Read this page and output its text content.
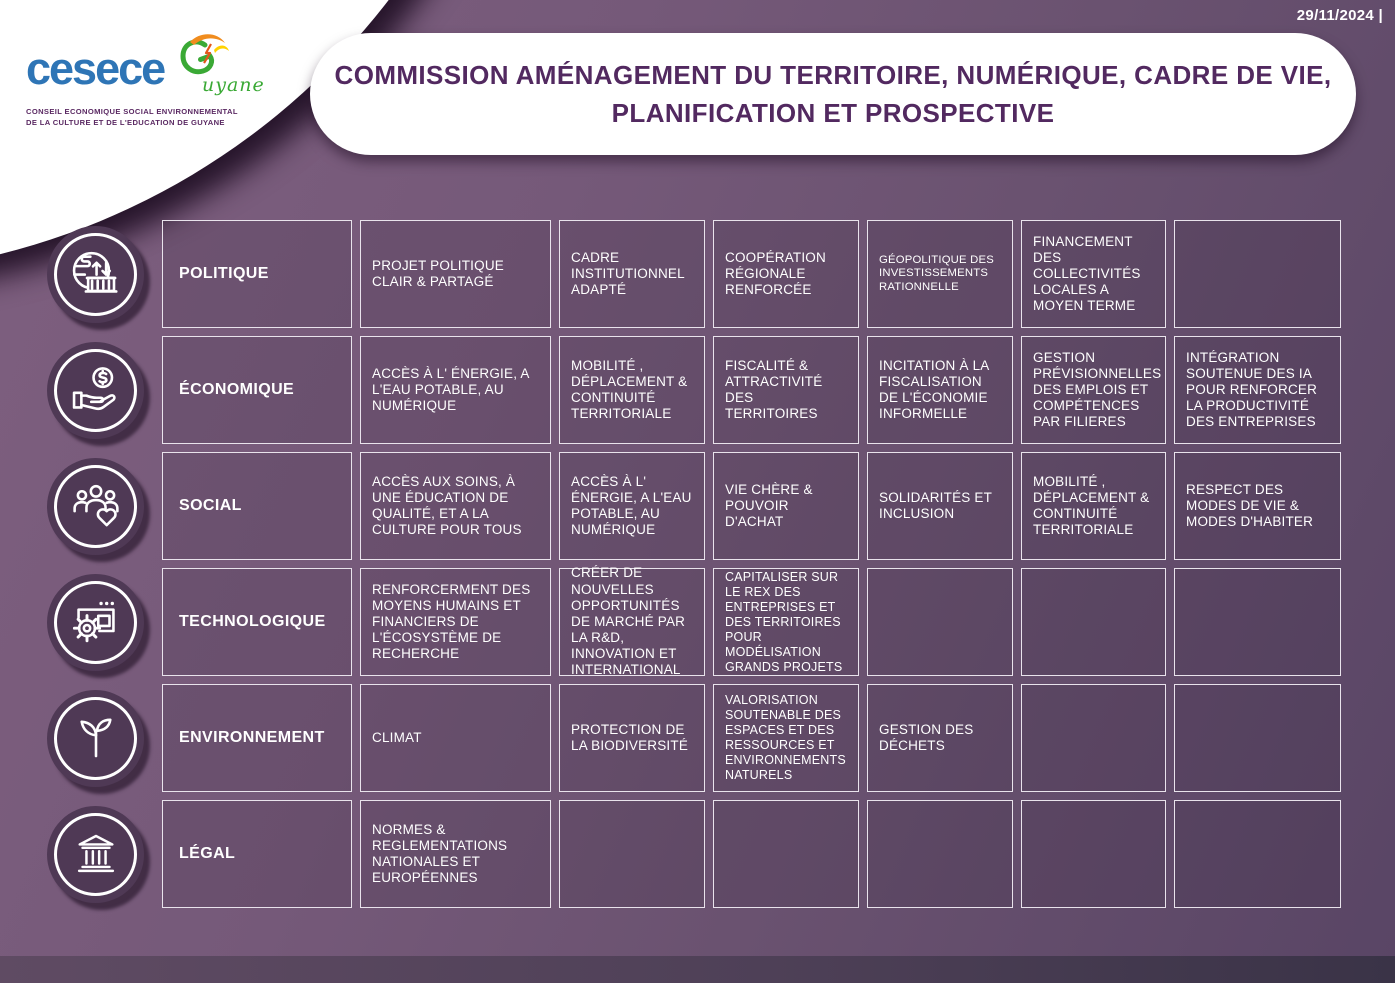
29/11/2024 |
cesece uyane
CONSEIL ECONOMIQUE SOCIAL ENVIRONNEMENTAL
DE LA CULTURE ET DE L'EDUCATION DE GUYANE
COMMISSION AMÉNAGEMENT DU TERRITOIRE, NUMÉRIQUE, CADRE DE VIE,
PLANIFICATION ET PROSPECTIVE
POLITIQUE	PROJET POLITIQUE CLAIR & PARTAGÉ
CADRE INSTITUTIONNEL ADAPTÉ
COOPÉRATION RÉGIONALE RENFORCÉE
GÉOPOLITIQUE DES INVESTISSEMENTS RATIONNELLE
FINANCEMENT DES COLLECTIVITÉS LOCALES A MOYEN TERME
ÉCONOMIQUE
ACCÈS À L' ÉNERGIE, A L'EAU POTABLE, AU NUMÉRIQUE
MOBILITÉ , DÉPLACEMENT & CONTINUITÉ TERRITORIALE
FISCALITÉ & ATTRACTIVITÉ DES TERRITOIRES
INCITATION À LA FISCALISATION DE L'ÉCONOMIE INFORMELLE
GESTION PRÉVISIONNELLES DES EMPLOIS ET COMPÉTENCES PAR FILIERES
INTÉGRATION SOUTENUE DES IA POUR RENFORCER LA PRODUCTIVITÉ DES ENTREPRISES
SOCIAL
ACCÈS AUX SOINS, À UNE ÉDUCATION DE QUALITÉ, ET A LA CULTURE POUR TOUS
ACCÈS À L' ÉNERGIE, A L'EAU POTABLE, AU NUMÉRIQUE
VIE CHÈRE & POUVOIR D'ACHAT
SOLIDARITÉS ET INCLUSION
MOBILITÉ , DÉPLACEMENT & CONTINUITÉ TERRITORIALE
RESPECT DES MODES DE VIE & MODES D'HABITER
TECHNOLOGIQUE
RENFORCERMENT DES MOYENS HUMAINS ET FINANCIERS DE L'ÉCOSYSTÈME DE RECHERCHE
CRÉER DE NOUVELLES OPPORTUNITÉS DE MARCHÉ PAR LA R&D, INNOVATION ET INTERNATIONAL
CAPITALISER SUR LE REX DES ENTREPRISES ET DES TERRITOIRES POUR MODÉLISATION GRANDS PROJETS
ENVIRONNEMENT	CLIMAT
PROTECTION DE LA BIODIVERSITÉ
VALORISATION SOUTENABLE DES ESPACES ET DES RESSOURCES ET ENVIRONNEMENTS NATURELS
GESTION DES DÉCHETS
LÉGAL
NORMES & REGLEMENTATIONS NATIONALES ET EUROPÉENNES
